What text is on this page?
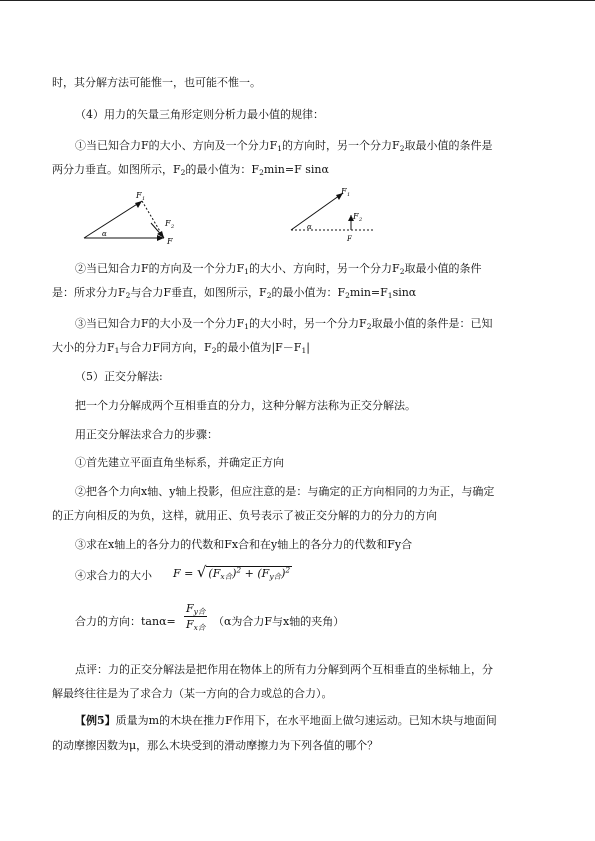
时，其分解方法可能惟一，也可能不惟一。
（4）用力的矢量三角形定则分析力最小值的规律：
①当已知合力F的大小、方向及一个分力$F_1$的方向时，另一个分力$F_2$取最小值的条件是
两分力垂直。如图所示，$F_2$的最小值为：$F_2\min=F$ sinα
F 1
F 2
F
α
F 1
F 2
F
α
②当已知合力F的方向及一个分力$F_1$的大小、方向时，另一个分力$F_2$取最小值的条件
是：所求分力$F_2$与合力F垂直，如图所示，$F_2$的最小值为：$F_2\min=F_1\sin\alpha$
③当已知合力F的大小及一个分力$F_1$的大小时，另一个分力$F_2$取最小值的条件是：已知
大小的分力$F_1$与合力F同方向，$F_2$的最小值为$|F-F_1|$
（5）正交分解法:
把一个力分解成两个互相垂直的分力，这种分解方法称为正交分解法。
用正交分解法求合力的步骤：
①首先建立平面直角坐标系，并确定正方向
②把各个力向x轴、y轴上投影，但应注意的是：与确定的正方向相同的力为正，与确定
的正方向相反的为负，这样，就用正、负号表示了被正交分解的力的分力的方向
③求在x轴上的各分力的代数和Fx合和在y轴上的各分力的代数和Fy合
④求合力的大小	F = √ $(F_{x合})^2 + (F_{y合})^2$
合力的方向：$\tan\alpha= \frac{F_{y合}}{F_{x合}} (\alpha$为合力F与x轴的夹角）
点评：力的正交分解法是把作用在物体上的所有力分解到两个互相垂直的坐标轴上，分
解最终往往是为了求合力（某一方向的合力或总的合力）。
【例5】质量为m的木块在推力F作用下，在水平地面上做匀速运动。已知木块与地面间
的动摩擦因数为μ，那么木块受到的滑动摩擦力为下列各值的哪个？
